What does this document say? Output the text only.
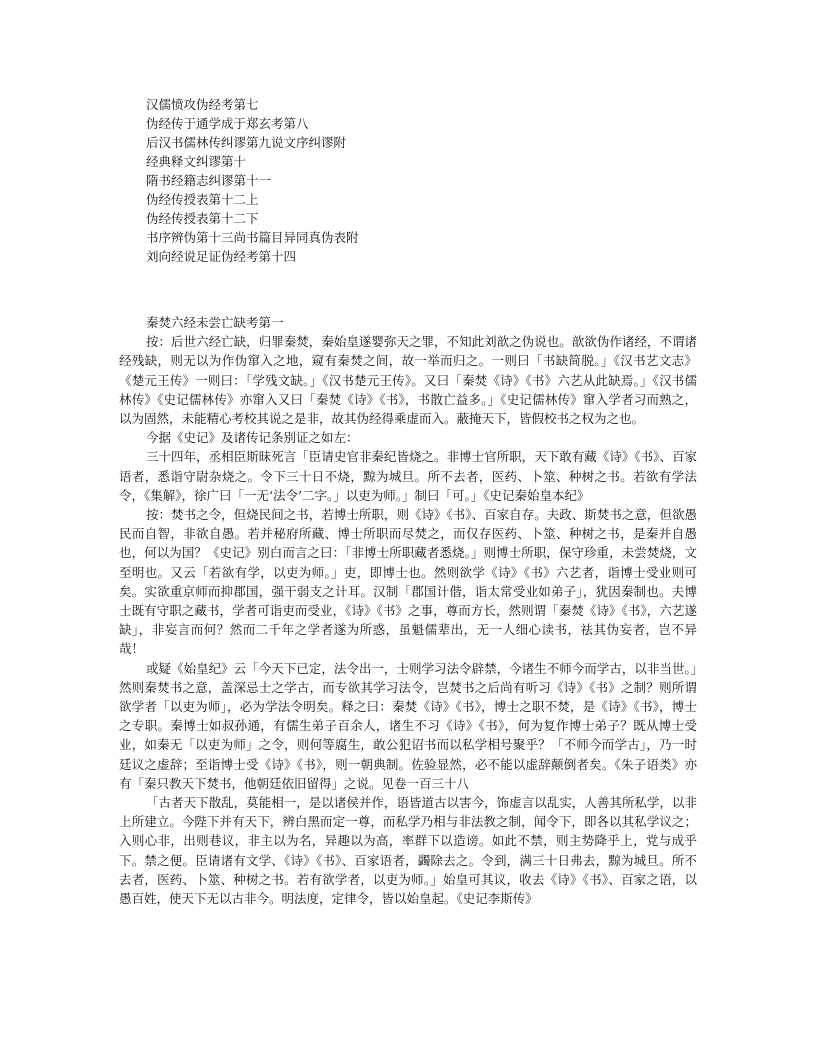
汉儒愤攻伪经考第七
伪经传于通学成于郑玄考第八
后汉书儒林传纠谬第九说文序纠谬附
经典释文纠谬第十
隋书经籍志纠谬第十一
伪经传授表第十二上
伪经传授表第十二下
书序辨伪第十三尚书篇目异同真伪表附
刘向经说足证伪经考第十四

秦焚六经未尝亡缺考第一

按：后世六经亡缺，归罪秦焚，秦始皇遂婴弥天之罪，不知此刘歆之伪说也。歆欲伪作诸经，不谓诸经残缺，则无以为作伪窜入之地，窥有秦焚之间，故一举而归之。一则曰「书缺简脱。」《汉书艺文志》《楚元王传》一则曰：「学残文缺。」《汉书楚元王传》。又曰「秦焚《诗》《书》六艺从此缺焉。」《汉书儒林传》《史记儒林传》亦窜入又曰「秦焚《诗》《书》，书散亡益多。」《史记儒林传》窜入学者习而熟之，以为固然，未能精心考校其说之是非，故其伪经得乘虚而入。蔽掩天下，皆假校书之权为之也。

今据《史记》及诸传记条别证之如左：

三十四年，丞相臣斯昧死言「臣请史官非秦纪皆烧之。非博士官所职，天下敢有藏《诗》《书》、百家语者，悉诣守尉杂烧之。令下三十日不烧，黥为城旦。所不去者，医药、卜筮、种树之书。若欲有学法令，《集解》，徐广曰「一无‘法令’二字。」以吏为师。」制曰「可。」《史记秦始皇本纪》

按：焚书之令，但烧民间之书，若博士所职，则《诗》《书》、百家自存。夫政、斯焚书之意，但欲愚民而自智，非欲自愚。若并秘府所藏、博士所职而尽焚之，而仅存医药、卜筮、种树之书，是秦并自愚也，何以为国？《史记》别白而言之曰：「非博士所职藏者悉烧。」则博士所职，保守珍重，未尝焚烧，文至明也。又云「若欲有学，以吏为师。」吏，即博士也。然则欲学《诗》《书》六艺者，诣博士受业则可矣。实欲重京师而抑郡国，强干弱支之计耳。汉制「郡国计偕，诣太常受业如弟子」，犹因秦制也。夫博士既有守职之藏书，学者可诣吏而受业，《诗》《书》之事，尊而方长，然则谓「秦焚《诗》《书》，六艺遂缺」，非妄言而何？然而二千年之学者遂为所惑，虽魁儒辈出，无一人细心读书，祛其伪妄者，岂不异哉！

或疑《始皇纪》云「今天下已定，法令出一，士则学习法令辟禁，今诸生不师今而学古，以非当世。」然则秦焚书之意，盖深忌士之学古，而专欲其学习法令，岂焚书之后尚有听习《诗》《书》之制？则所谓欲学者「以吏为师」，必为学法令明矣。释之曰：秦焚《诗》《书》，博士之职不焚，是《诗》《书》，博士之专职。秦博士如叔孙通，有儒生弟子百余人，诸生不习《诗》《书》，何为复作博士弟子？既从博士受业，如秦无「以吏为师」之令，则何等腐生，敢公犯诏书而以私学相号聚乎？「不师今而学古」，乃一时廷议之虚辞；至诣博士受《诗》《书》，则一朝典制。佐验显然，必不能以虚辞颠倒者矣。《朱子语类》亦有「秦只教天下焚书，他朝廷依旧留得」之说。见卷一百三十八

「古者天下散乱，莫能相一，是以诸侯并作，语皆道古以害今，饰虚言以乱实，人善其所私学，以非上所建立。今陛下并有天下，辨白黑而定一尊，而私学乃相与非法教之制，闻令下，即各以其私学议之；入则心非，出则巷议，非主以为名，异趣以为高，率群下以造谤。如此不禁，则主势降乎上，党与成乎下。禁之便。臣请诸有文学、《诗》《书》、百家语者，蠲除去之。令到，满三十日弗去，黥为城旦。所不去者，医药、卜筮、种树之书。若有欲学者，以吏为师。」始皇可其议，收去《诗》《书》、百家之语，以愚百姓，使天下无以古非今。明法度，定律令，皆以始皇起。《史记李斯传》
